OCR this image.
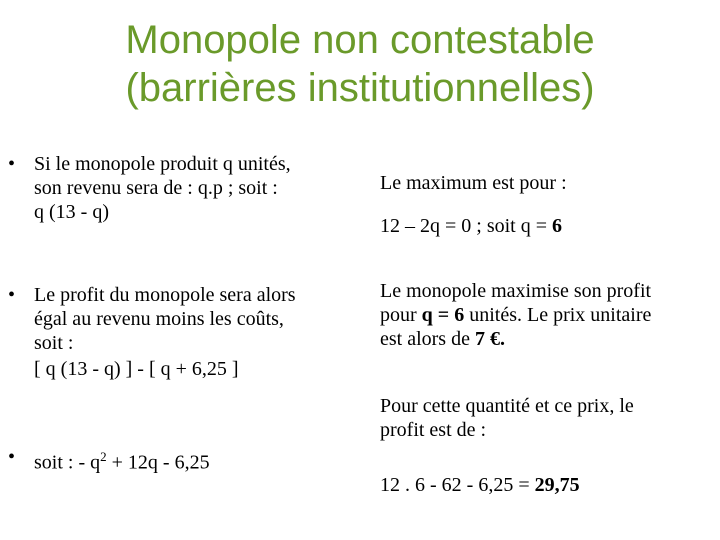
Monopole non contestable
(barrières institutionnelles)
• Si le monopole produit q unités,
son revenu sera de : q.p ; soit :
q (13 - q)
• Le profit du monopole sera alors
égal au revenu moins les coûts,
soit :
[ q (13 - q) ] - [ q + 6,25 ]
• soit : - $q^2 + 12q - 6,25$
Le maximum est pour :
12 – 2q = 0 ; soit q = 6
Le monopole maximise son profit
pour q = 6 unités. Le prix unitaire
est alors de 7 €.
Pour cette quantité et ce prix, le
profit est de :
12 . 6 - 62 - 6,25 = 29,75
